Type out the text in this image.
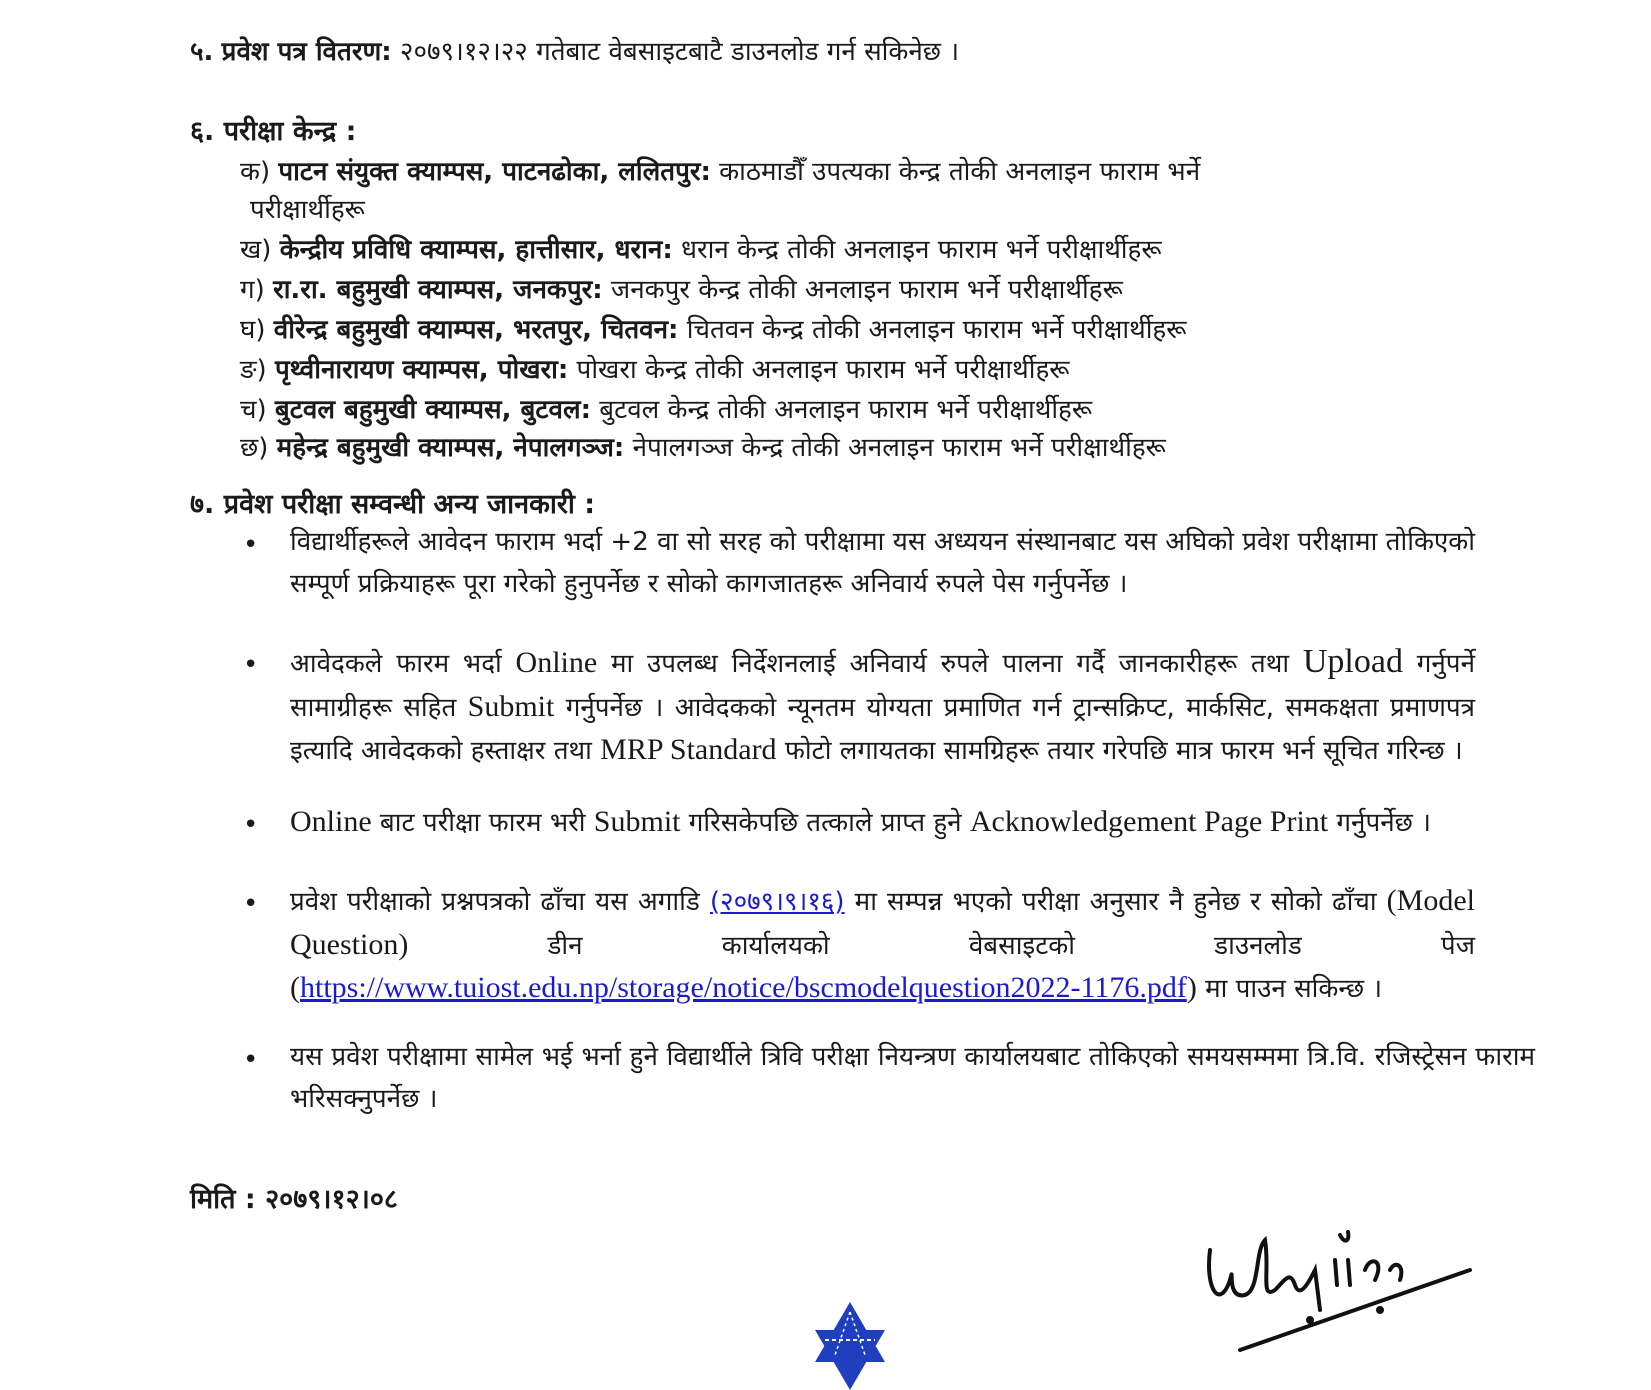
५. प्रवेश पत्र वितरण: २०७९।१२।२२ गतेबाट वेबसाइटबाटै डाउनलोड गर्न सकिनेछ ।
६. परीक्षा केन्द्र :
क) पाटन संयुक्त क्याम्पस, पाटनढोका, ललितपुर: काठमाडौँ उपत्यका केन्द्र तोकी अनलाइन फाराम भर्ने
परीक्षार्थीहरू
ख) केन्द्रीय प्रविधि क्याम्पस, हात्तीसार, धरान: धरान केन्द्र तोकी अनलाइन फाराम भर्ने परीक्षार्थीहरू
ग) रा.रा. बहुमुखी क्याम्पस, जनकपुर: जनकपुर केन्द्र तोकी अनलाइन फाराम भर्ने परीक्षार्थीहरू
घ) वीरेन्द्र बहुमुखी क्याम्पस, भरतपुर, चितवन: चितवन केन्द्र तोकी अनलाइन फाराम भर्ने परीक्षार्थीहरू
ङ) पृथ्वीनारायण क्याम्पस, पोखरा: पोखरा केन्द्र तोकी अनलाइन फाराम भर्ने परीक्षार्थीहरू
च) बुटवल बहुमुखी क्याम्पस, बुटवल: बुटवल केन्द्र तोकी अनलाइन फाराम भर्ने परीक्षार्थीहरू
छ) महेन्द्र बहुमुखी क्याम्पस, नेपालगञ्ज: नेपालगञ्ज केन्द्र तोकी अनलाइन फाराम भर्ने परीक्षार्थीहरू
७. प्रवेश परीक्षा सम्वन्धी अन्य जानकारी :
• विद्यार्थीहरूले आवेदन फाराम भर्दा +2 वा सो सरह को परीक्षामा यस अध्ययन संस्थानबाट यस अघिको प्रवेश परीक्षामा तोकिएको सम्पूर्ण प्रक्रियाहरू पूरा गरेको हुनुपर्नेछ र सोको कागजातहरू अनिवार्य रुपले पेस गर्नुपर्नेछ ।
• आवेदकले फारम भर्दा Online मा उपलब्ध निर्देशनलाई अनिवार्य रुपले पालना गर्दै जानकारीहरू तथा Upload गर्नुपर्ने सामाग्रीहरू सहित Submit गर्नुपर्नेछ । आवेदकको न्यूनतम योग्यता प्रमाणित गर्न ट्रान्सक्रिप्ट, मार्कसिट, समकक्षता प्रमाणपत्र इत्यादि आवेदकको हस्ताक्षर तथा MRP Standard फोटो लगायतका सामग्रिहरू तयार गरेपछि मात्र फारम भर्न सूचित गरिन्छ ।
• Online बाट परीक्षा फारम भरी Submit गरिसकेपछि तत्काले प्राप्त हुने Acknowledgement Page Print गर्नुपर्नेछ ।
• प्रवेश परीक्षाको प्रश्नपत्रको ढाँचा यस अगाडि (२०७९।९।१६) मा सम्पन्न भएको परीक्षा अनुसार नै हुनेछ र सोको ढाँचा (Model Question) डीन कार्यालयको वेबसाइटको डाउनलोड पेज (https://www.tuiost.edu.np/storage/notice/bscmodelquestion2022-1176.pdf) मा पाउन सकिन्छ ।
• यस प्रवेश परीक्षामा सामेल भई भर्ना हुने विद्यार्थीले त्रिवि परीक्षा नियन्त्रण कार्यालयबाट तोकिएको समयसम्ममा त्रि.वि. रजिस्ट्रेसन फाराम भरिसक्नुपर्नेछ ।
मिति : २०७९।१२।०८
